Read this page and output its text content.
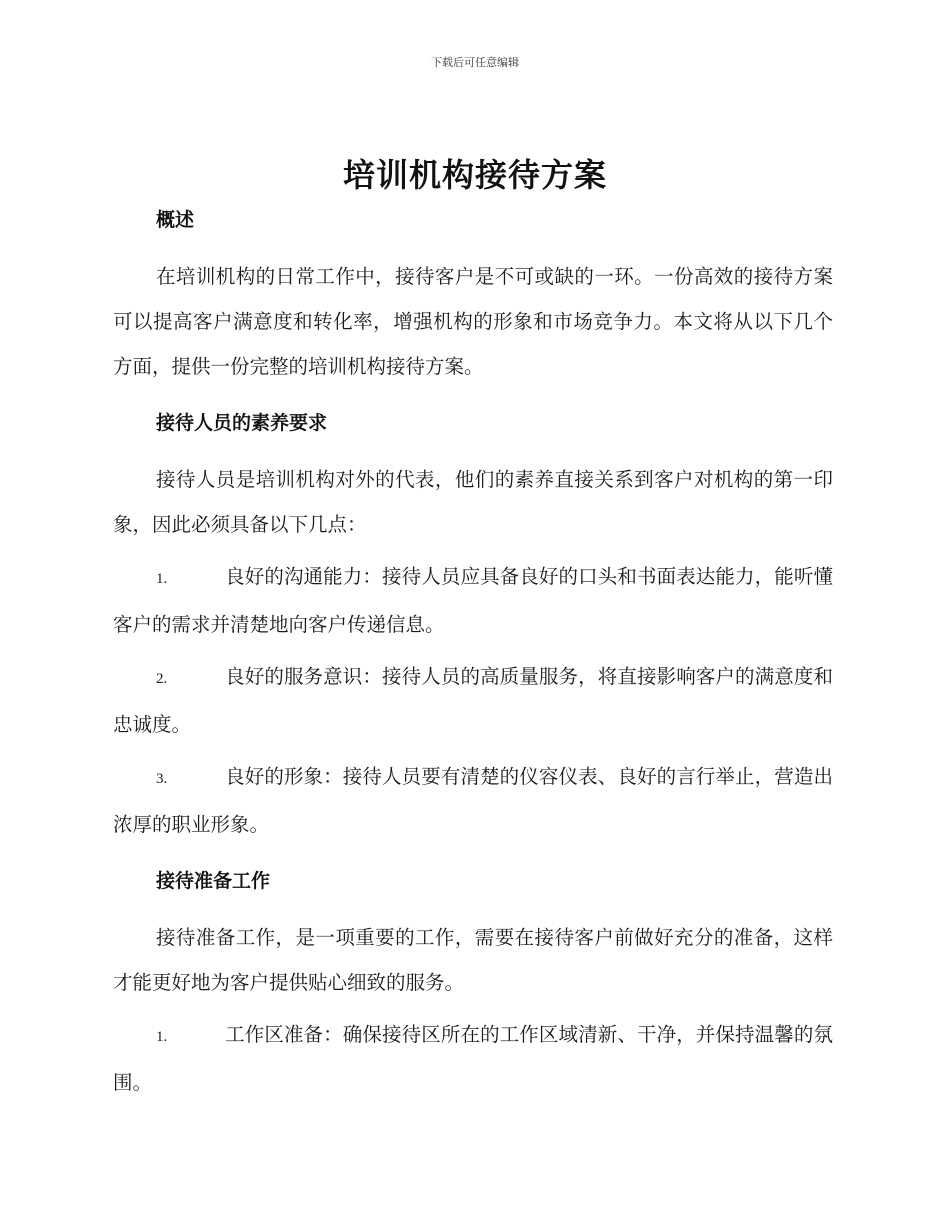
下载后可任意编辑
培训机构接待方案
概述

在培训机构的日常工作中，接待客户是不可或缺的一环。一份高效的接待方案可以提高客户满意度和转化率，增强机构的形象和市场竞争力。本文将从以下几个方面，提供一份完整的培训机构接待方案。

接待人员的素养要求

接待人员是培训机构对外的代表，他们的素养直接关系到客户对机构的第一印象，因此必须具备以下几点：

1.	良好的沟通能力：接待人员应具备良好的口头和书面表达能力，能听懂客户的需求并清楚地向客户传递信息。

2.	良好的服务意识：接待人员的高质量服务，将直接影响客户的满意度和忠诚度。

3.	良好的形象：接待人员要有清楚的仪容仪表、良好的言行举止，营造出浓厚的职业形象。

接待准备工作

接待准备工作，是一项重要的工作，需要在接待客户前做好充分的准备，这样才能更好地为客户提供贴心细致的服务。

1.	工作区准备：确保接待区所在的工作区域清新、干净，并保持温馨的氛围。
